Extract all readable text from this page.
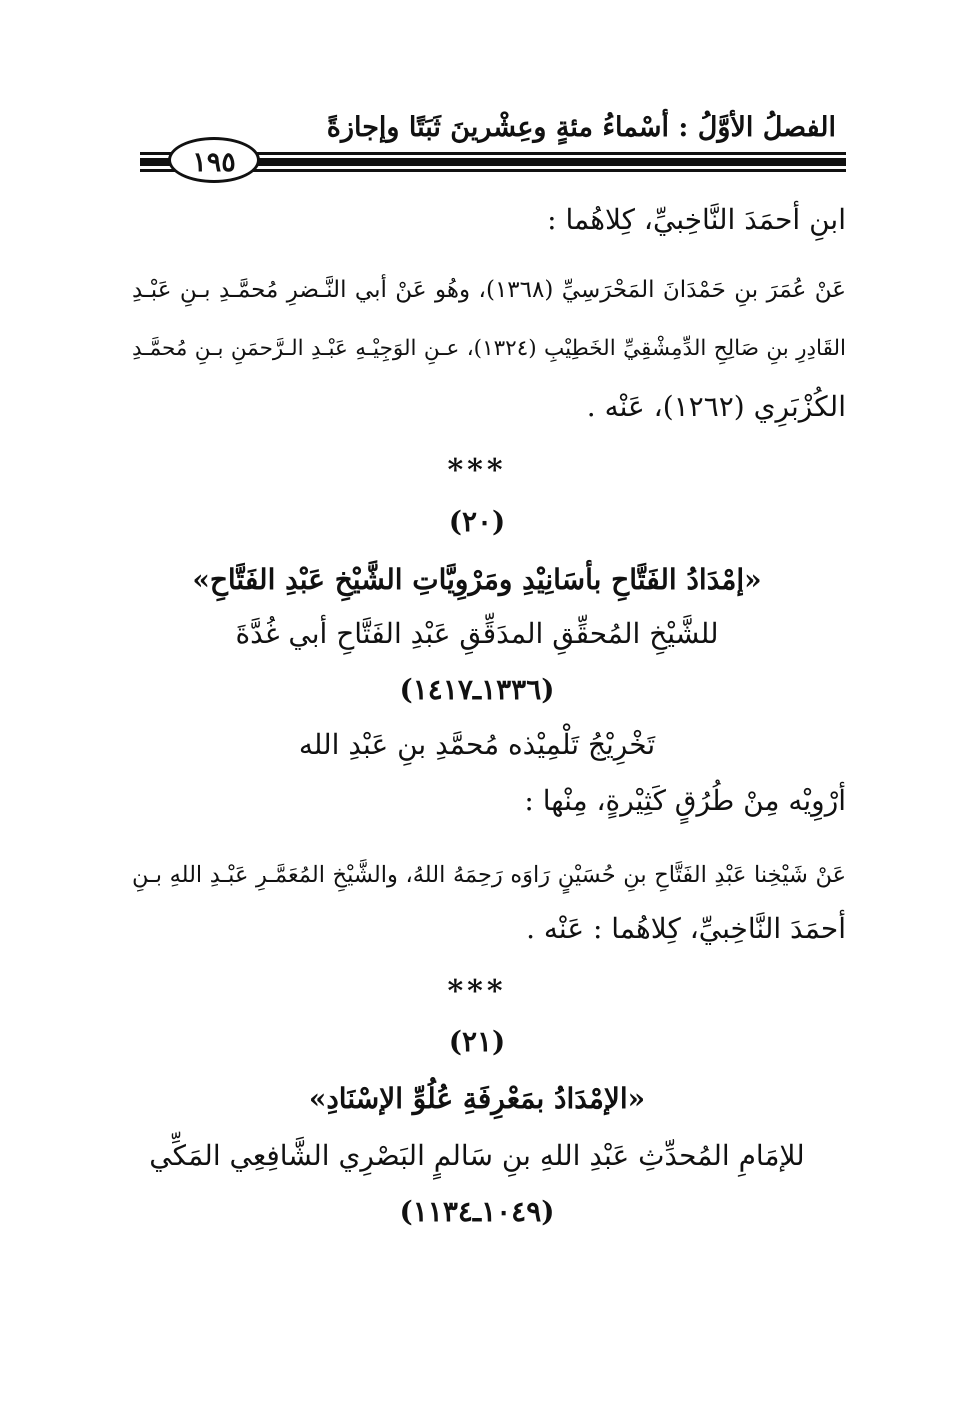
الفصلُ الأوَّلُ : أسْماءُ مئةٍ وعِشْرينَ ثَبَتًا وإجازةً
١٩٥
ابنِ أحمَدَ النَّاخِبيِّ، كِلاهُما :
عَنْ عُمَرَ بنِ حَمْدَانَ المَحْرَسِيِّ (١٣٦٨)، وهُو عَنْ أبي النَّـضرِ مُحمَّـدِ بـنِ عَبْـدِ
القَادِرِ بنِ صَالِحِ الدِّمِشْقِيِّ الخَطِيْبِ (١٣٢٤)، عـنِ الوَجِيْـهِ عَبْـدِ الـرَّحمَنِ بـنِ مُحمَّـدِ
الكُزْبَرِي (١٢٦٢)، عَنْه .
***
(٢٠)
«إمْدَادُ الفَتَّاحِ بأسَانِيْدِ ومَرْوِيَّاتِ الشَّيْخِ عَبْدِ الفَتَّاحِ»
للشَّيْخِ المُحقِّقِ المدَقِّقِ عَبْدِ الفَتَّاحِ أبي غُدَّةَ
(١٣٣٦ـ١٤١٧)
تَخْرِيْجُ تَلْمِيْذه مُحمَّدِ بنِ عَبْدِ الله
أرْوِيْه مِنْ طُرُقٍ كَثِيْرةٍ، مِنْها :
عَنْ شَيْخِنا عَبْدِ الفَتَّاحِ بنِ حُسَيْنٍ رَاوَه رَحِمَهُ اللهُ، والشَّيْخِ المُعَمَّـرِ عَبْـدِ اللهِ بـنِ
أحمَدَ النَّاخِبيِّ، كِلاهُما : عَنْه .
***
(٢١)
«الإمْدَادُ بمَعْرِفَةِ عُلُوِّ الإسْنَادِ»
للإمَامِ المُحدِّثِ عَبْدِ اللهِ بنِ سَالمٍ البَصْرِي الشَّافِعِي المَكِّي
(١٠٤٩ـ١١٣٤)
